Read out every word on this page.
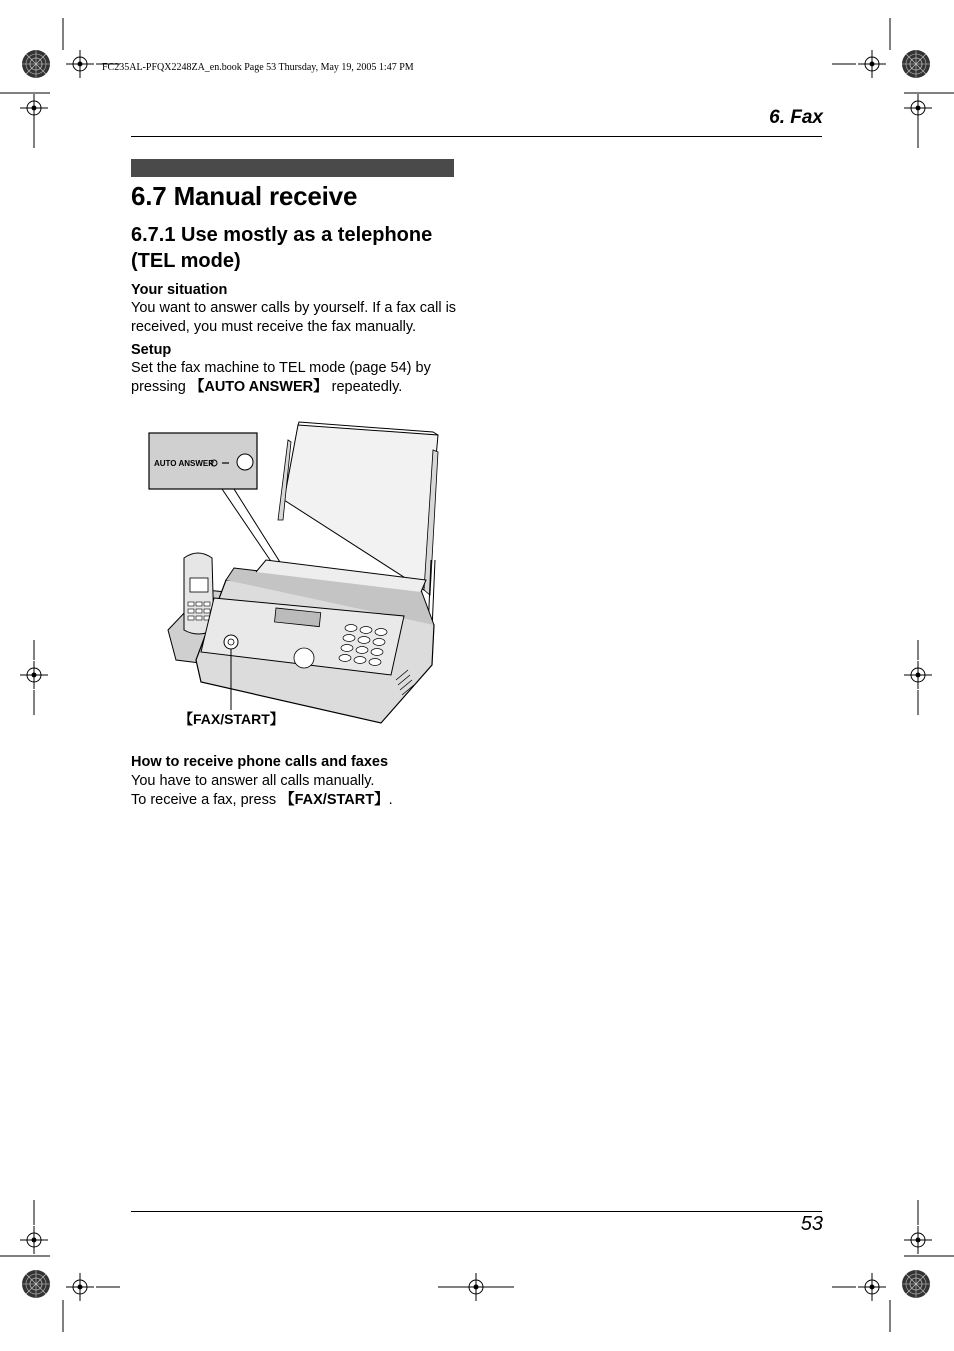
FC235AL-PFQX2248ZA_en.book Page 53 Thursday, May 19, 2005 1:47 PM
6. Fax
6.7 Manual receive
6.7.1 Use mostly as a telephone (TEL mode)
Your situation
You want to answer calls by yourself. If a fax call is received, you must receive the fax manually.
Setup
Set the fax machine to TEL mode (page 54) by pressing 【AUTO ANSWER】 repeatedly.
AUTO ANSWER
【FAX/START】
How to receive phone calls and faxes
You have to answer all calls manually.
To receive a fax, press 【FAX/START】.
53
